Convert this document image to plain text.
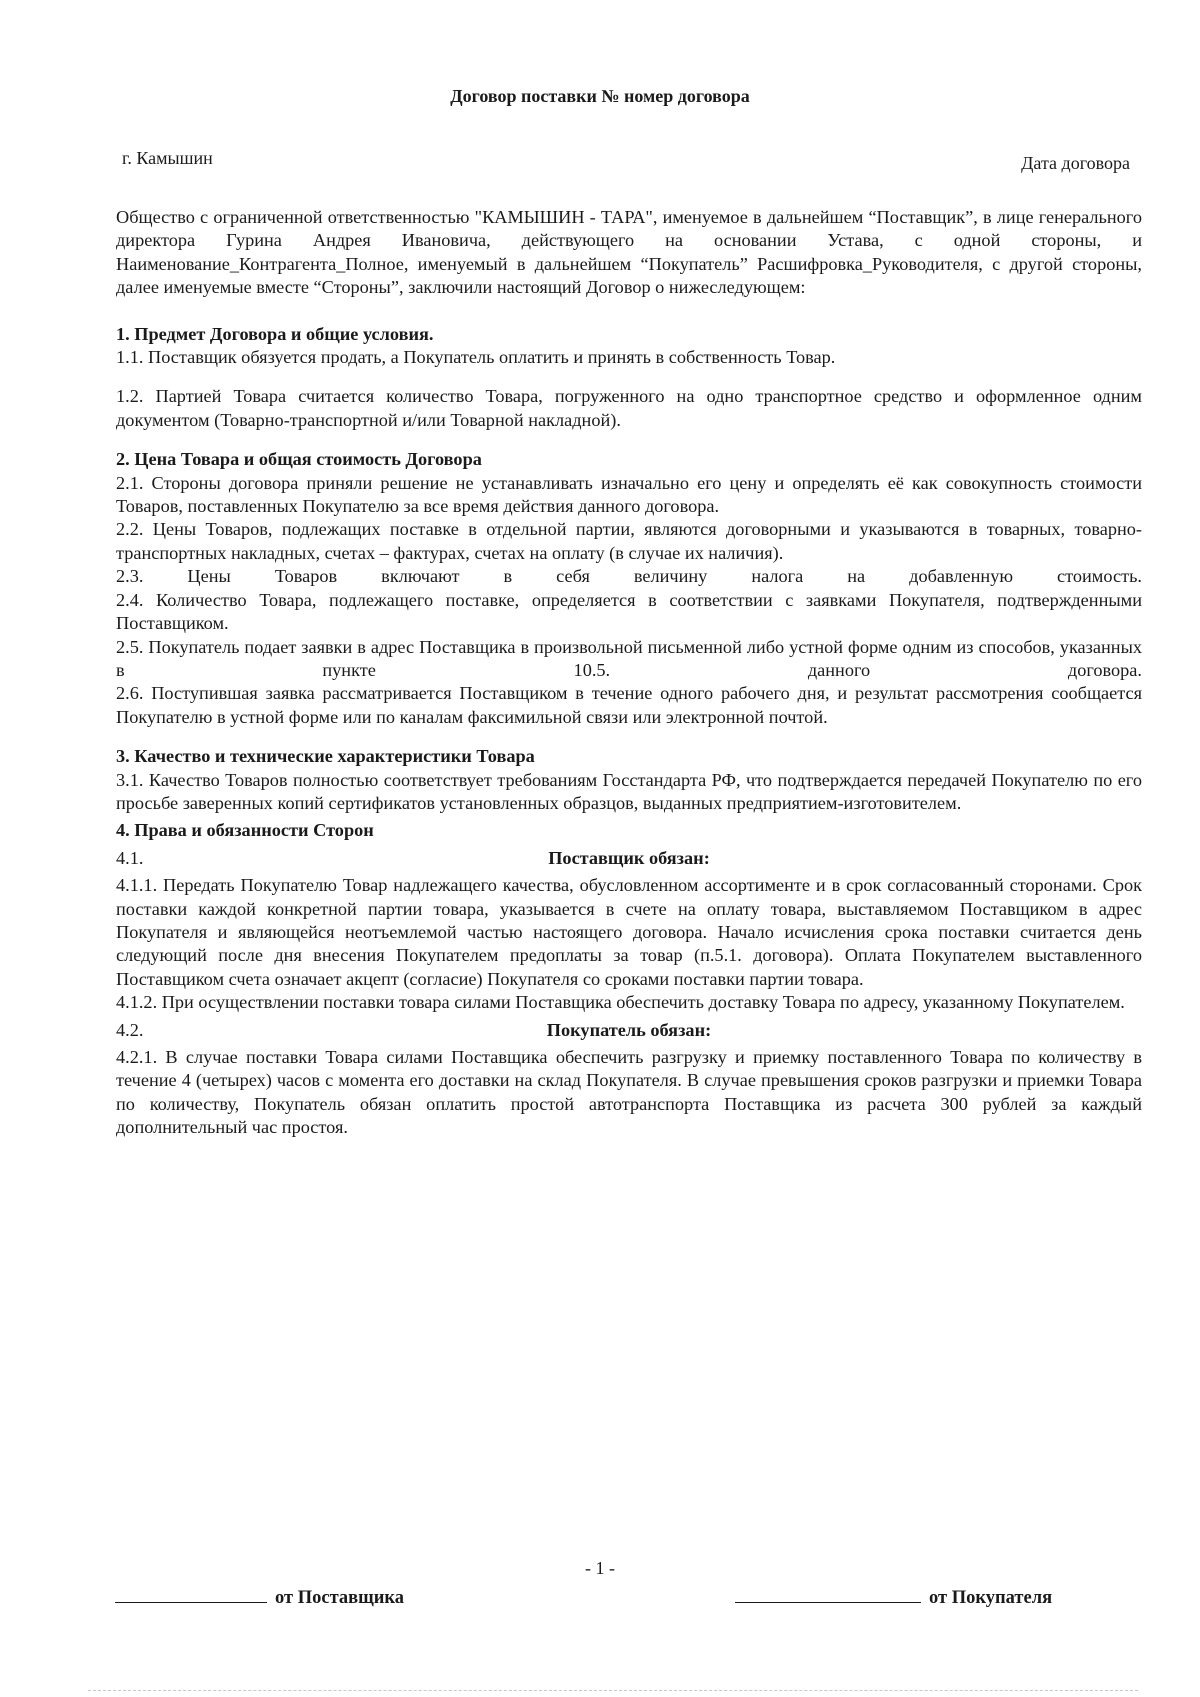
Договор поставки № номер договора
г. Камышин	Дата договора

Общество с ограниченной ответственностью "КАМЫШИН - ТАРА", именуемое в дальнейшем “Поставщик”, в лице генерального директора Гурина Андрея Ивановича, действующего на основании Устава, с одной стороны, и Наименование_Контрагента_Полное, именуемый в дальнейшем “Покупатель” Расшифровка_Руководителя, с другой стороны, далее именуемые вместе “Стороны”, заключили настоящий Договор о нижеследующем:

1. Предмет Договора и общие условия.

1.1. Поставщик обязуется продать, а Покупатель оплатить и принять в собственность Товар.

1.2. Партией Товара считается количество Товара, погруженного на одно транспортное средство и оформленное одним документом (Товарно-транспортной и/или Товарной накладной).

2. Цена Товара и общая стоимость Договора

2.1. Стороны договора приняли решение не устанавливать изначально его цену и определять её как совокупность стоимости Товаров, поставленных Покупателю за все время действия данного договора.

2.2. Цены Товаров, подлежащих поставке в отдельной партии, являются договорными и указываются в товарных, товарно-транспортных накладных, счетах – фактурах, счетах на оплату (в случае их наличия).

2.3. Цены Товаров включают в себя величину налога на добавленную стоимость.

2.4. Количество Товара, подлежащего поставке, определяется в соответствии с заявками Покупателя, подтвержденными Поставщиком.

2.5. Покупатель подает заявки в адрес Поставщика в произвольной письменной либо устной форме одним из способов, указанных в пункте 10.5. данного договора.

2.6. Поступившая заявка рассматривается Поставщиком в течение одного рабочего дня, и результат рассмотрения сообщается Покупателю в устной форме или по каналам факсимильной связи или электронной почтой.

3. Качество и технические характеристики Товара

3.1. Качество Товаров полностью соответствует требованиям Госстандарта РФ, что подтверждается передачей Покупателю по его просьбе заверенных копий сертификатов установленных образцов, выданных предприятием-изготовителем.

4. Права и обязанности Сторон

4.1.	Поставщик обязан:

4.1.1. Передать Покупателю Товар надлежащего качества, обусловленном ассортименте и в срок согласованный сторонами. Срок поставки каждой конкретной партии товара, указывается в счете на оплату товара, выставляемом Поставщиком в адрес Покупателя и являющейся неотъемлемой частью настоящего договора. Начало исчисления срока поставки считается день следующий после дня внесения Покупателем предоплаты за товар (п.5.1. договора). Оплата Покупателем выставленного Поставщиком счета означает акцепт (согласие) Покупателя со сроками поставки партии товара.

4.1.2. При осуществлении поставки товара силами Поставщика обеспечить доставку Товара по адресу, указанному Покупателем.

4.2.	Покупатель обязан:

4.2.1. В случае поставки Товара силами Поставщика обеспечить разгрузку и приемку поставленного Товара по количеству в течение 4 (четырех) часов с момента его доставки на склад Покупателя. В случае превышения сроков разгрузки и приемки Товара по количеству, Покупатель обязан оплатить простой автотранспорта Поставщика из расчета 300 рублей за каждый дополнительный час простоя.

- 1 -
от Поставщика	от Покупателя
